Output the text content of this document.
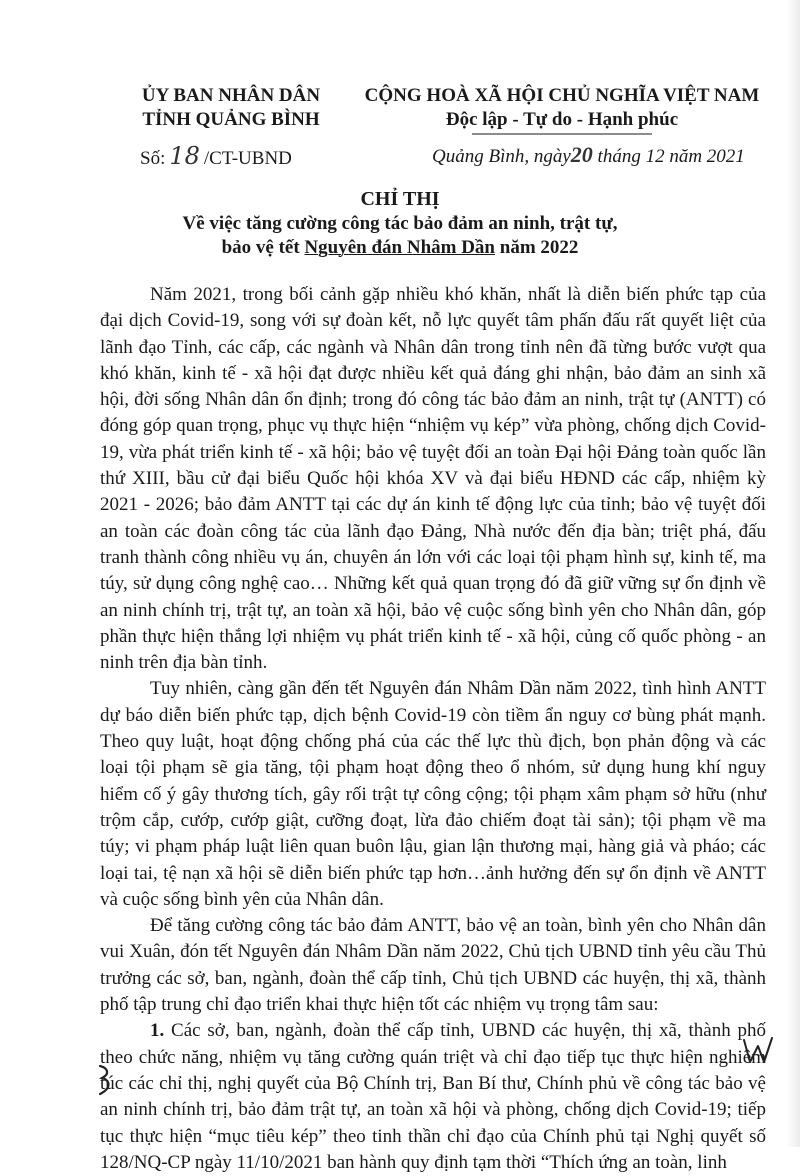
ỦY BAN NHÂN DÂN
TỈNH QUẢNG BÌNH
CỘNG HOÀ XÃ HỘI CHỦ NGHĨA VIỆT NAM
Độc lập - Tự do - Hạnh phúc
Số: 18 /CT-UBND	Quảng Bình, ngày20 tháng 12 năm 2021
CHỈ THỊ
Về việc tăng cường công tác bảo đảm an ninh, trật tự,
bảo vệ tết Nguyên đán Nhâm Dần năm 2022

Năm 2021, trong bối cảnh gặp nhiều khó khăn, nhất là diễn biến phức tạp của đại dịch Covid-19, song với sự đoàn kết, nỗ lực quyết tâm phấn đấu rất quyết liệt của lãnh đạo Tỉnh, các cấp, các ngành và Nhân dân trong tỉnh nên đã từng bước vượt qua khó khăn, kinh tế - xã hội đạt được nhiều kết quả đáng ghi nhận, bảo đảm an sinh xã hội, đời sống Nhân dân ổn định; trong đó công tác bảo đảm an ninh, trật tự (ANTT) có đóng góp quan trọng, phục vụ thực hiện “nhiệm vụ kép” vừa phòng, chống dịch Covid-19, vừa phát triển kinh tế - xã hội; bảo vệ tuyệt đối an toàn Đại hội Đảng toàn quốc lần thứ XIII, bầu cử đại biểu Quốc hội khóa XV và đại biểu HĐND các cấp, nhiệm kỳ 2021 - 2026; bảo đảm ANTT tại các dự án kinh tế động lực của tỉnh; bảo vệ tuyệt đối an toàn các đoàn công tác của lãnh đạo Đảng, Nhà nước đến địa bàn; triệt phá, đấu tranh thành công nhiều vụ án, chuyên án lớn với các loại tội phạm hình sự, kinh tế, ma túy, sử dụng công nghệ cao… Những kết quả quan trọng đó đã giữ vững sự ổn định về an ninh chính trị, trật tự, an toàn xã hội, bảo vệ cuộc sống bình yên cho Nhân dân, góp phần thực hiện thắng lợi nhiệm vụ phát triển kinh tế - xã hội, củng cố quốc phòng - an ninh trên địa bàn tỉnh.

Tuy nhiên, càng gần đến tết Nguyên đán Nhâm Dần năm 2022, tình hình ANTT dự báo diễn biến phức tạp, dịch bệnh Covid-19 còn tiềm ẩn nguy cơ bùng phát mạnh. Theo quy luật, hoạt động chống phá của các thế lực thù địch, bọn phản động và các loại tội phạm sẽ gia tăng, tội phạm hoạt động theo ổ nhóm, sử dụng hung khí nguy hiểm cố ý gây thương tích, gây rối trật tự công cộng; tội phạm xâm phạm sở hữu (như trộm cắp, cướp, cướp giật, cưỡng đoạt, lừa đảo chiếm đoạt tài sản); tội phạm về ma túy; vi phạm pháp luật liên quan buôn lậu, gian lận thương mại, hàng giả và pháo; các loại tai, tệ nạn xã hội sẽ diễn biến phức tạp hơn…ảnh hưởng đến sự ổn định về ANTT và cuộc sống bình yên của Nhân dân.

Để tăng cường công tác bảo đảm ANTT, bảo vệ an toàn, bình yên cho Nhân dân vui Xuân, đón tết Nguyên đán Nhâm Dần năm 2022, Chủ tịch UBND tỉnh yêu cầu Thủ trưởng các sở, ban, ngành, đoàn thể cấp tỉnh, Chủ tịch UBND các huyện, thị xã, thành phố tập trung chỉ đạo triển khai thực hiện tốt các nhiệm vụ trọng tâm sau:

1. Các sở, ban, ngành, đoàn thể cấp tỉnh, UBND các huyện, thị xã, thành phố theo chức năng, nhiệm vụ tăng cường quán triệt và chỉ đạo tiếp tục thực hiện nghiêm túc các chỉ thị, nghị quyết của Bộ Chính trị, Ban Bí thư, Chính phủ về công tác bảo vệ an ninh chính trị, bảo đảm trật tự, an toàn xã hội và phòng, chống dịch Covid-19; tiếp tục thực hiện “mục tiêu kép” theo tinh thần chỉ đạo của Chính phủ tại Nghị quyết số 128/NQ-CP ngày 11/10/2021 ban hành quy định tạm thời “Thích ứng an toàn, linh
